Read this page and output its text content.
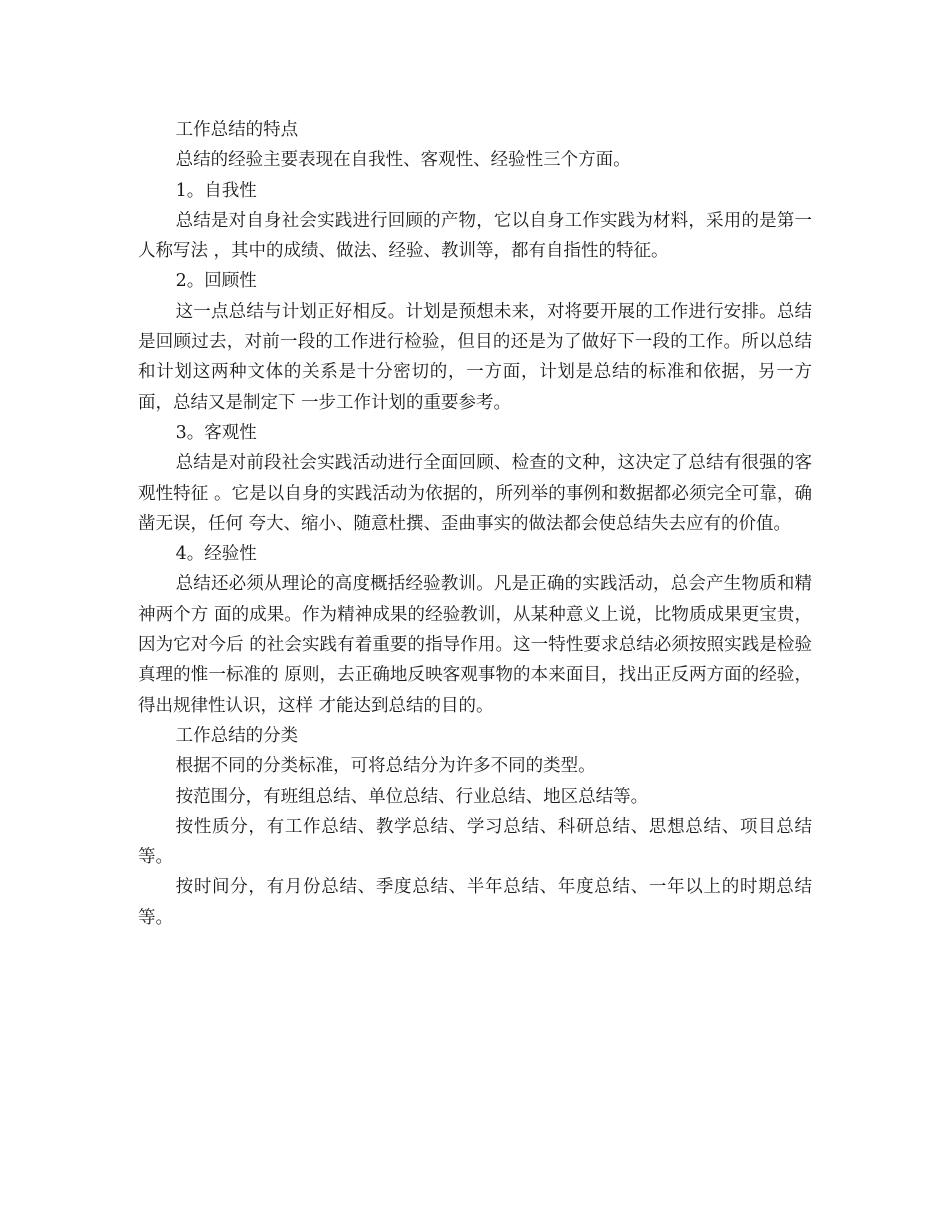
工作总结的特点

总结的经验主要表现在自我性、客观性、经验性三个方面。

1。自我性

总结是对自身社会实践进行回顾的产物，它以自身工作实践为材料，采用的是第一人称写法 ，其中的成绩、做法、经验、教训等，都有自指性的特征。

2。回顾性

这一点总结与计划正好相反。计划是预想未来，对将要开展的工作进行安排。总结是回顾过去，对前一段的工作进行检验，但目的还是为了做好下一段的工作。所以总结和计划这两种文体的关系是十分密切的，一方面，计划是总结的标准和依据，另一方面，总结又是制定下 一步工作计划的重要参考。

3。客观性

总结是对前段社会实践活动进行全面回顾、检查的文种，这决定了总结有很强的客观性特征 。它是以自身的实践活动为依据的，所列举的事例和数据都必须完全可靠，确凿无误，任何 夸大、缩小、随意杜撰、歪曲事实的做法都会使总结失去应有的价值。

4。经验性

总结还必须从理论的高度概括经验教训。凡是正确的实践活动，总会产生物质和精神两个方 面的成果。作为精神成果的经验教训，从某种意义上说，比物质成果更宝贵，因为它对今后 的社会实践有着重要的指导作用。这一特性要求总结必须按照实践是检验真理的惟一标准的 原则，去正确地反映客观事物的本来面目，找出正反两方面的经验，得出规律性认识，这样 才能达到总结的目的。

工作总结的分类

根据不同的分类标准，可将总结分为许多不同的类型。

按范围分，有班组总结、单位总结、行业总结、地区总结等。

按性质分，有工作总结、教学总结、学习总结、科研总结、思想总结、项目总结等。

按时间分，有月份总结、季度总结、半年总结、年度总结、一年以上的时期总结等。
